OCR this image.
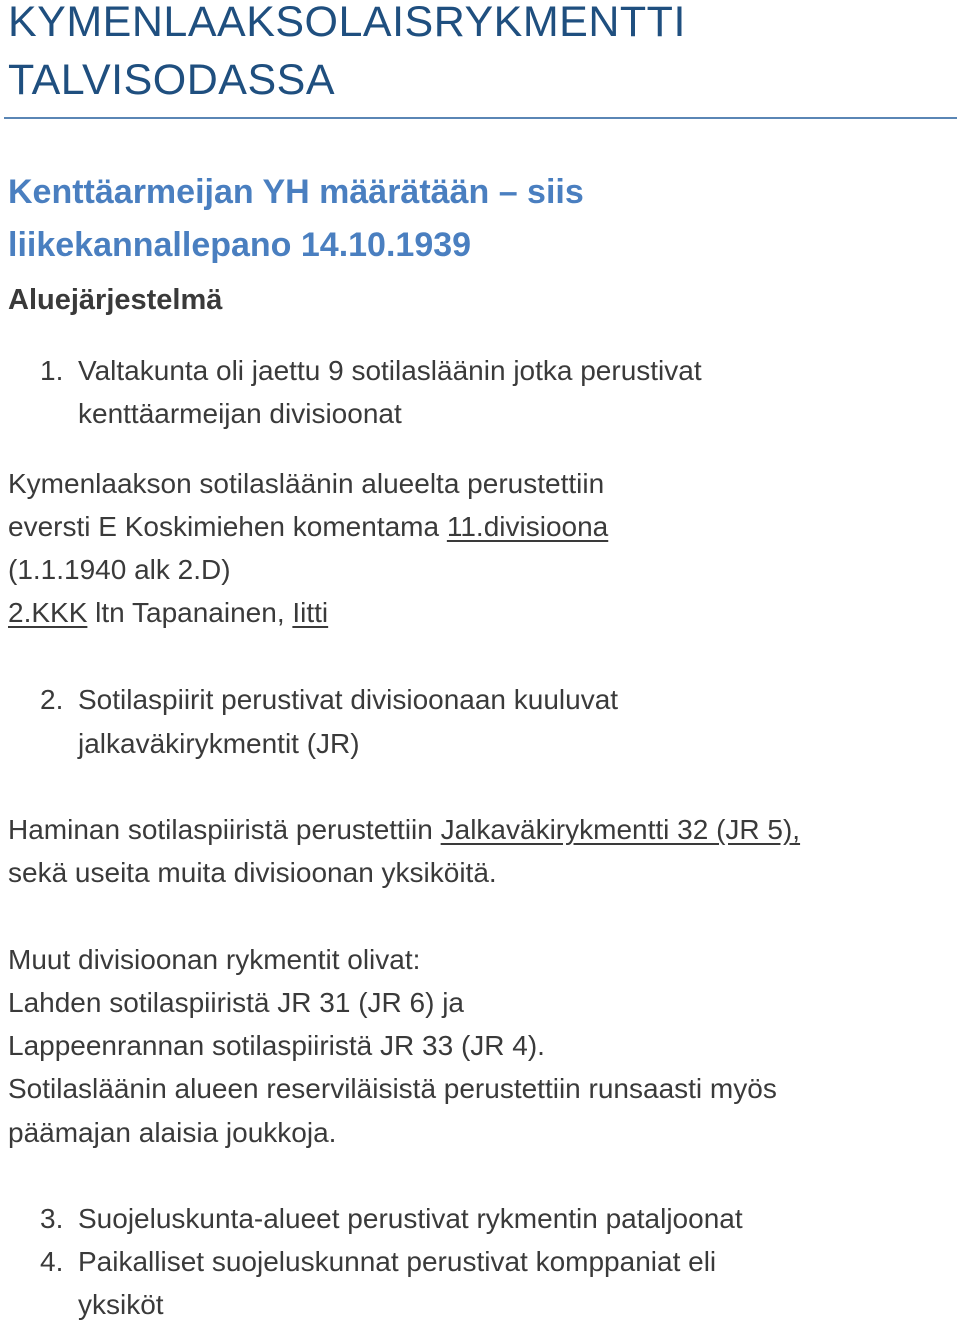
KYMENLAAKSOLAISRYKMENTTI
TALVISODASSA
Kenttäarmeijan YH määrätään – siis
liikekannallepano 14.10.1939
Aluejärjestelmä
1. Valtakunta oli jaettu 9 sotilasläänin jotka perustivat
kenttäarmeijan divisioonat
Kymenlaakson sotilasläänin alueelta perustettiin
eversti E Koskimiehen komentama 11.divisioona
(1.1.1940 alk 2.D)
2.KKK ltn Tapanainen, Iitti
2. Sotilaspiirit perustivat divisioonaan kuuluvat
jalkaväkirykmentit (JR)
Haminan sotilaspiiristä perustettiin Jalkaväkirykmentti 32 (JR 5),
sekä useita muita divisioonan yksiköitä.
Muut divisioonan rykmentit olivat:
Lahden sotilaspiiristä JR 31 (JR 6) ja
Lappeenrannan sotilaspiiristä JR 33 (JR 4).
Sotilasläänin alueen reserviläisistä perustettiin runsaasti myös
päämajan alaisia joukkoja.
3. Suojeluskunta-alueet perustivat rykmentin pataljoonat
4. Paikalliset suojeluskunnat perustivat komppaniat eli
yksiköt
